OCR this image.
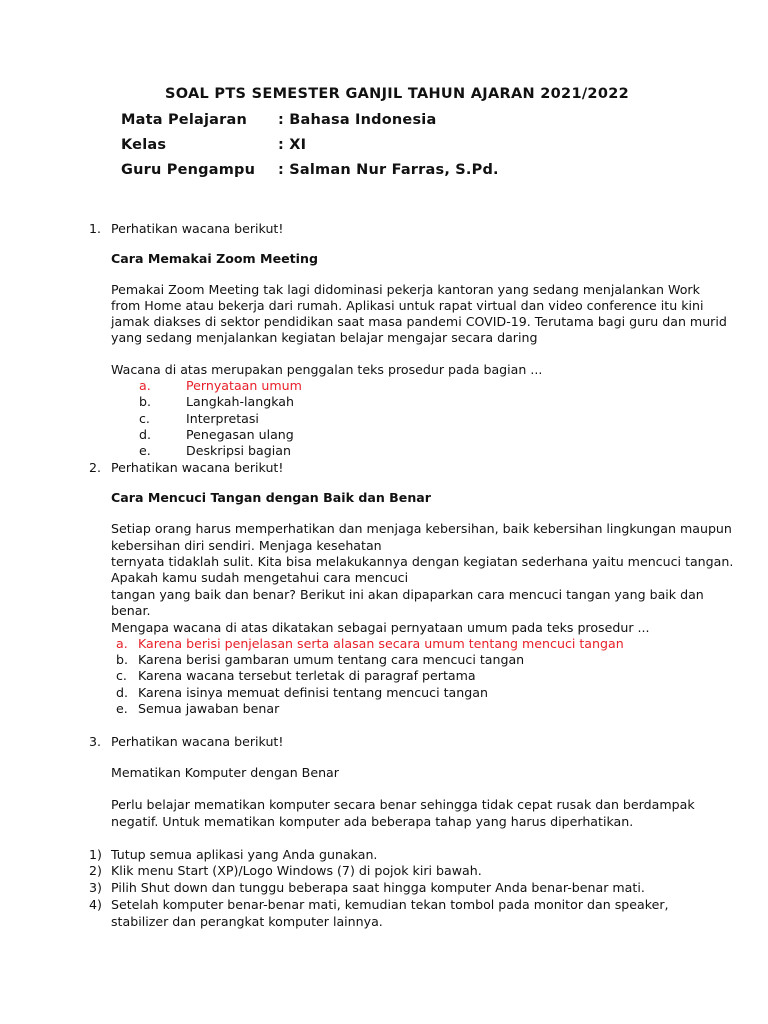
SOAL PTS SEMESTER GANJIL TAHUN AJARAN 2021/2022
Mata Pelajaran : Bahasa Indonesia
Kelas	: XI
Guru Pengampu : Salman Nur Farras, S.Pd.
1. Perhatikan wacana berikut!
Cara Memakai Zoom Meeting
Pemakai Zoom Meeting tak lagi didominasi pekerja kantoran yang sedang menjalankan Work
from Home atau bekerja dari rumah. Aplikasi untuk rapat virtual dan video conference itu kini
jamak diakses di sektor pendidikan saat masa pandemi COVID-19. Terutama bagi guru dan murid
yang sedang menjalankan kegiatan belajar mengajar secara daring
Wacana di atas merupakan penggalan teks prosedur pada bagian ...
a.	Pernyataan umum
b.	Langkah-langkah
c.	Interpretasi
d.	Penegasan ulang
e.	Deskripsi bagian
2. Perhatikan wacana berikut!
Cara Mencuci Tangan dengan Baik dan Benar
Setiap orang harus memperhatikan dan menjaga kebersihan, baik kebersihan lingkungan maupun
kebersihan diri sendiri. Menjaga kesehatan
ternyata tidaklah sulit. Kita bisa melakukannya dengan kegiatan sederhana yaitu mencuci tangan.
Apakah kamu sudah mengetahui cara mencuci
tangan yang baik dan benar? Berikut ini akan dipaparkan cara mencuci tangan yang baik dan
benar.
Mengapa wacana di atas dikatakan sebagai pernyataan umum pada teks prosedur ...
a. Karena berisi penjelasan serta alasan secara umum tentang mencuci tangan
b. Karena berisi gambaran umum tentang cara mencuci tangan
c. Karena wacana tersebut terletak di paragraf pertama
d. Karena isinya memuat definisi tentang mencuci tangan
e. Semua jawaban benar
3. Perhatikan wacana berikut!
Mematikan Komputer dengan Benar
Perlu belajar mematikan komputer secara benar sehingga tidak cepat rusak dan berdampak
negatif. Untuk mematikan komputer ada beberapa tahap yang harus diperhatikan.
1) Tutup semua aplikasi yang Anda gunakan.
2) Klik menu Start (XP)/Logo Windows (7) di pojok kiri bawah.
3) Pilih Shut down dan tunggu beberapa saat hingga komputer Anda benar-benar mati.
4) Setelah komputer benar-benar mati, kemudian tekan tombol pada monitor dan speaker,
stabilizer dan perangkat komputer lainnya.
